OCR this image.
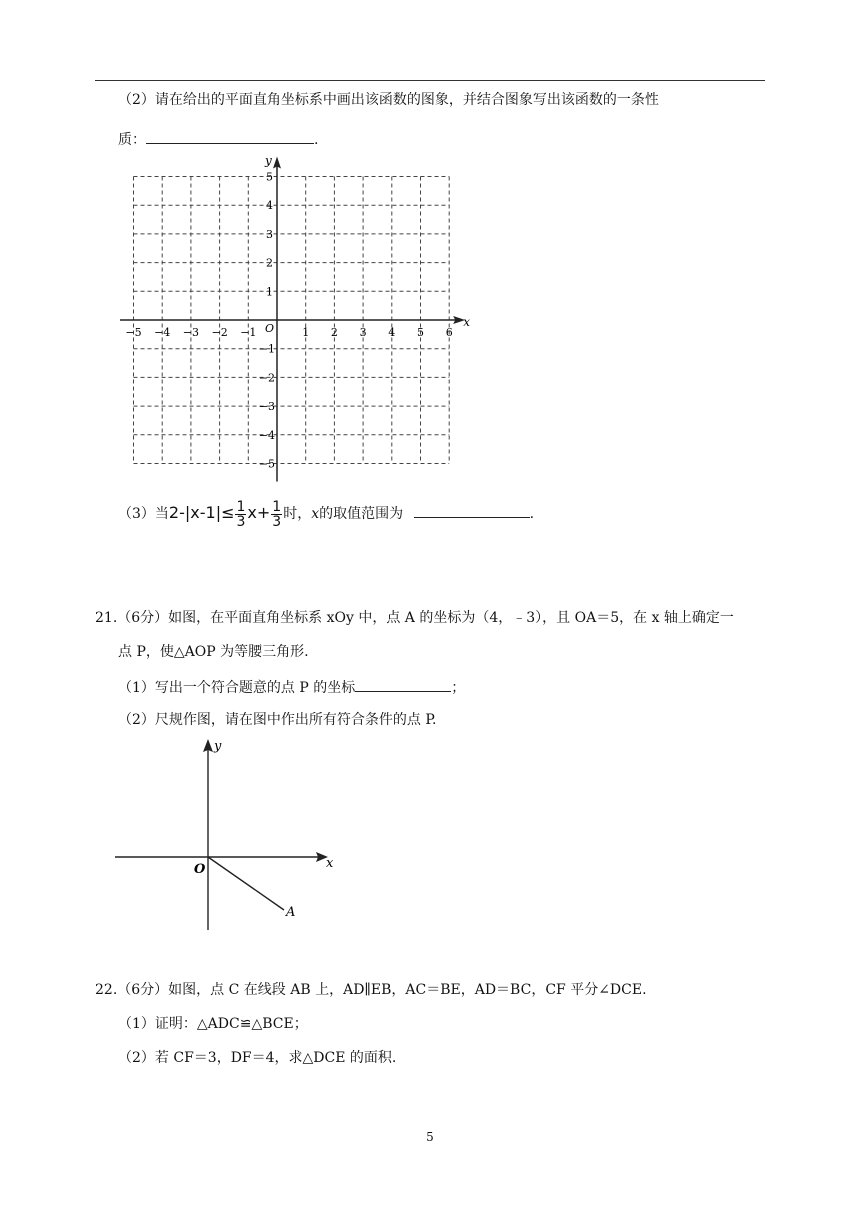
（2）请在给出的平面直角坐标系中画出该函数的图象，并结合图象写出该函数的一条性
质：	.
y
x
O
−5 −4 −3 −2 −1	1 2 3 4 5 6
5
4
3
2
1
−1
−2
−3
−4
−5
（3）当$2-|x-1|\le \frac{1}{3} x+ \frac{1}{3}$ 时，x的取值范围为	.
21.（6分）如图，在平面直角坐标系 xOy 中，点 A 的坐标为（4，﹣3），且 OA＝5，在 x 轴上确定一
点 P，使△AOP 为等腰三角形.
（1）写出一个符合题意的点 P 的坐标	；
（2）尺规作图，请在图中作出所有符合条件的点 P.
y
x
O
A
22.（6分）如图，点 C 在线段 AB 上，AD∥EB，AC＝BE，AD＝BC，CF 平分∠DCE.
（1）证明：△ADC≌△BCE；
（2）若 CF＝3，DF＝4，求△DCE 的面积.
5
